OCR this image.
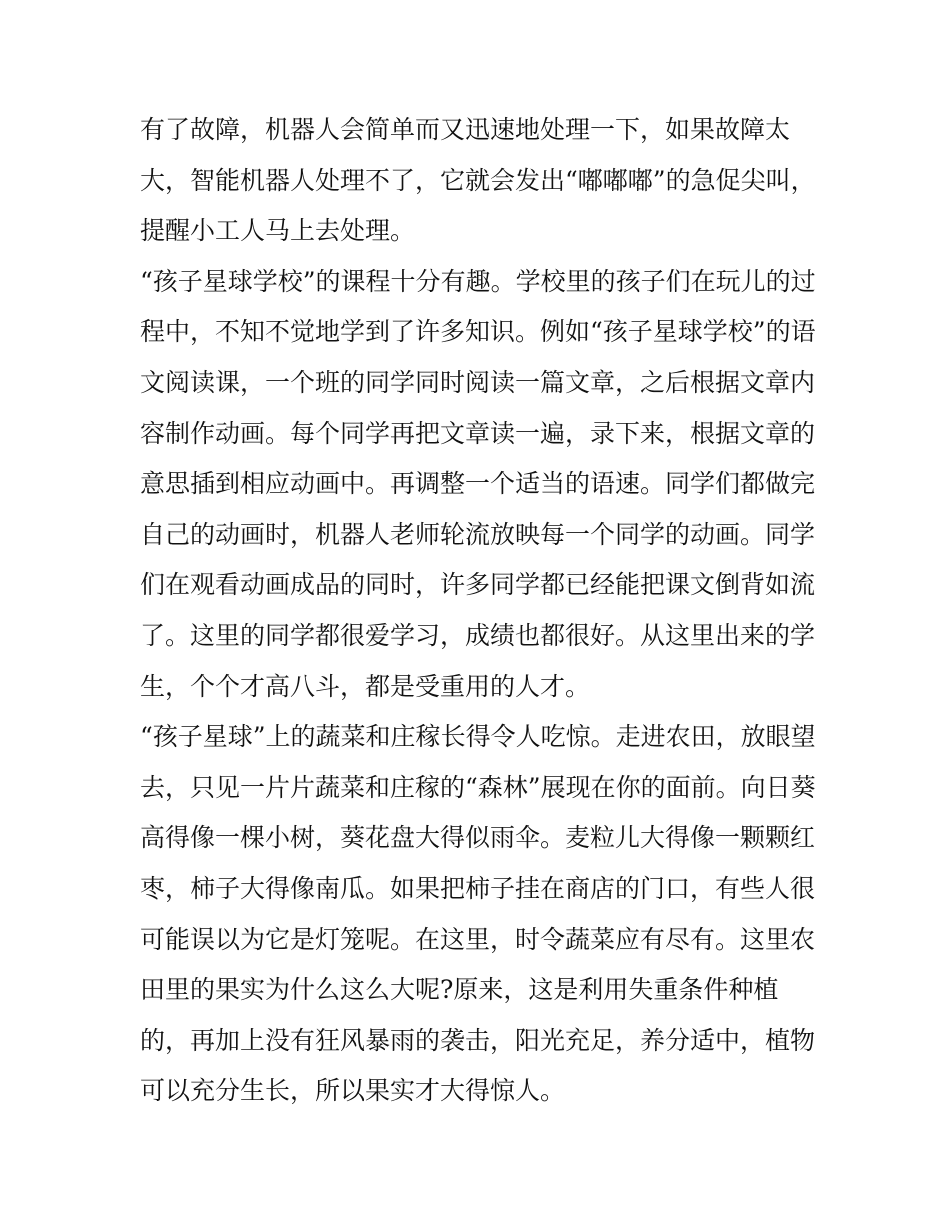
有了故障，机器人会简单而又迅速地处理一下，如果故障太
大，智能机器人处理不了，它就会发出“嘟嘟嘟”的急促尖叫，
提醒小工人马上去处理。
“孩子星球学校”的课程十分有趣。学校里的孩子们在玩儿的过
程中，不知不觉地学到了许多知识。例如“孩子星球学校”的语
文阅读课，一个班的同学同时阅读一篇文章，之后根据文章内
容制作动画。每个同学再把文章读一遍，录下来，根据文章的
意思插到相应动画中。再调整一个适当的语速。同学们都做完
自己的动画时，机器人老师轮流放映每一个同学的动画。同学
们在观看动画成品的同时，许多同学都已经能把课文倒背如流
了。这里的同学都很爱学习，成绩也都很好。从这里出来的学
生，个个才高八斗，都是受重用的人才。
“孩子星球”上的蔬菜和庄稼长得令人吃惊。走进农田，放眼望
去，只见一片片蔬菜和庄稼的“森林”展现在你的面前。向日葵
高得像一棵小树，葵花盘大得似雨伞。麦粒儿大得像一颗颗红
枣，柿子大得像南瓜。如果把柿子挂在商店的门口，有些人很
可能误以为它是灯笼呢。在这里，时令蔬菜应有尽有。这里农
田里的果实为什么这么大呢?原来，这是利用失重条件种植
的，再加上没有狂风暴雨的袭击，阳光充足，养分适中，植物
可以充分生长，所以果实才大得惊人。
